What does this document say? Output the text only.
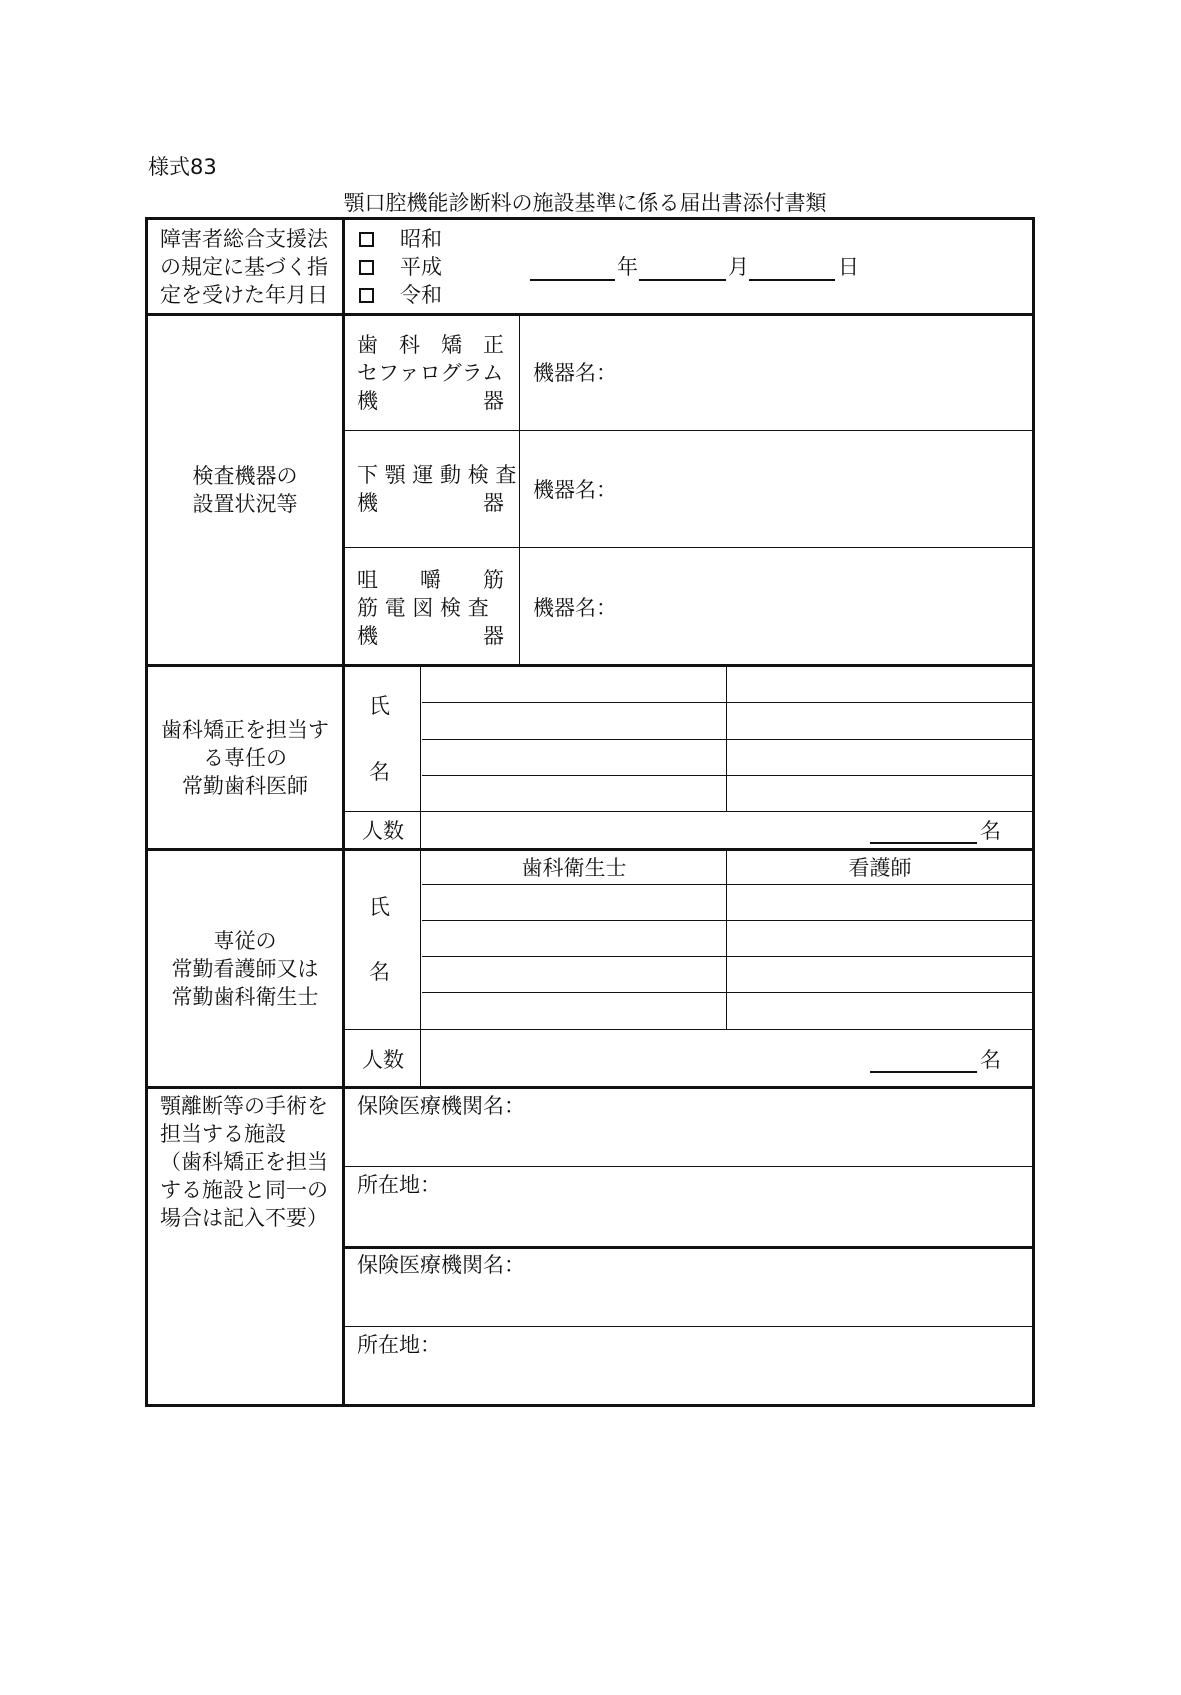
様式83
顎口腔機能診断料の施設基準に係る届出書添付書類
障害者総合支援法
の規定に基づく指
定を受けた年月日
昭和
平成
令和
年	月	日
検査機器の
設置状況等
歯　科　矯　正
セファログラム
機　　　　　器
機器名：
下 顎 運 動 検 査
機　　　　　器
機器名：
咀　　嚼　　筋
筋 電 図 検 査
機　　　　　器
機器名：
歯科矯正を担当す
る専任の
常勤歯科医師
氏
名
人数	名
専従の
常勤看護師又は
常勤歯科衛生士
歯科衛生士	看護師
氏
名
人数	名
顎離断等の手術を
担当する施設
（歯科矯正を担当
する施設と同一の
場合は記入不要）
保険医療機関名：
所在地：
保険医療機関名：
所在地：
